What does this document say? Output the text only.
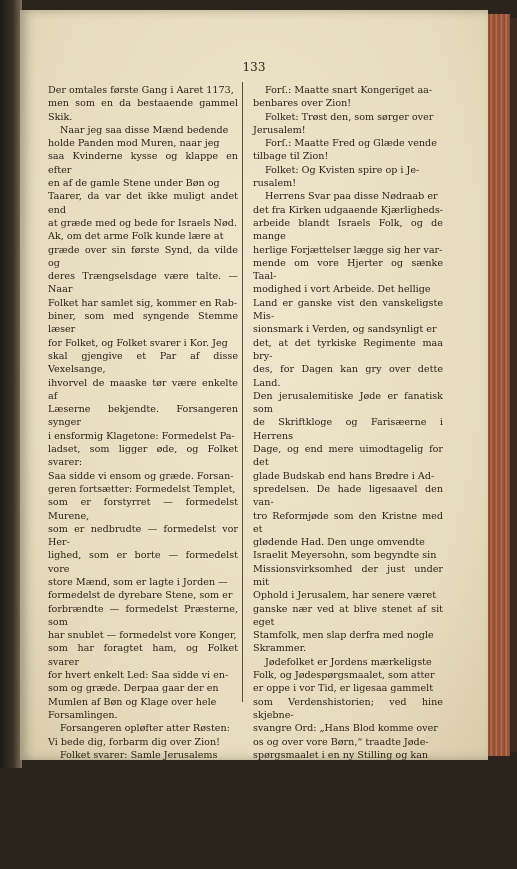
133

Der omtales første Gang i Aaret 1173,

men som en da bestaaende gammel Skik.

Naar jeg saa disse Mænd bedende

holde Panden mod Muren, naar jeg

saa Kvinderne kysse og klappe en efter

en af de gamle Stene under Bøn og

Taarer, da var det ikke muligt andet end

at græde med og bede for Israels Nød.

Ak, om det arme Folk kunde lære at

græde over sin første Synd, da vilde og

deres Trængselsdage være talte. — Naar

Folket har samlet sig, kommer en Rab-

biner, som med syngende Stemme læser

for Folket, og Folket svarer i Kor. Jeg

skal gjengive et Par af disse Vexelsange,

ihvorvel de maaske tør være enkelte af

Læserne bekjendte. Forsangeren synger

i ensformig Klagetone: Formedelst Pa-

ladset, som ligger øde, og Folket svarer:

Saa sidde vi ensom og græde. Forsan-

geren fortsætter: Formedelst Templet,

som er forstyrret — formedelst Murene,

som er nedbrudte — formedelst vor Her-

lighed, som er borte — formedelst vore

store Mænd, som er lagte i Jorden —

formedelst de dyrebare Stene, som er

forbrændte — formedelst Præsterne, som

har snublet — formedelst vore Konger,

som har foragtet ham, og Folket svarer

for hvert enkelt Led: Saa sidde vi en-

som og græde. Derpaa gaar der en

Mumlen af Bøn og Klage over hele

Forsamlingen.

Forsangeren opløfter atter Røsten:

Vi bede dig, forbarm dig over Zion!

Folket svarer: Samle Jerusalems

Børn!

Forsangeren: Skynd dig, Skynd dig,

Zions Frelser!

Folket: Tal til Jerusalems Hjerte!

Forſ.: Gid Skjønhed og Herlighed

omgive Zion!

Folket: Ak, vend dig naadig til Je-

rusalem!

Forſ.: Maatte snart Kongeriget aa-

benbares over Zion!

Folket: Trøst den, som sørger over

Jerusalem!

Forſ.: Maatte Fred og Glæde vende

tilbage til Zion!

Folket: Og Kvisten spire op i Je-

rusalem!

Herrens Svar paa disse Nødraab er

det fra Kirken udgaaende Kjærligheds-

arbeide blandt Israels Folk, og de mange

herlige Forjættelser lægge sig her var-

mende om vore Hjerter og sænke Taal-

modighed i vort Arbeide. Det hellige

Land er ganske vist den vanskeligste Mis-

sionsmark i Verden, og sandsynligt er

det, at det tyrkiske Regimente maa bry-

des, for Dagen kan gry over dette Land.

Den jerusalemitiske Jøde er fanatisk som

de Skriftkloge og Farisæerne i Herrens

Dage, og end mere uimodtagelig for det

glade Budskab end hans Brødre i Ad-

spredelsen. De hade ligesaavel den van-

tro Reformjøde som den Kristne med et

glødende Had. Den unge omvendte

Israelit Meyersohn, som begyndte sin

Missionsvirksomhed der just under mit

Ophold i Jerusalem, har senere været

ganske nær ved at blive stenet af sit eget

Stamfolk, men slap derfra med nogle

Skrammer.

Jødefolket er Jordens mærkeligste

Folk, og Jødespørgsmaalet, som atter

er oppe i vor Tid, er ligesaa gammelt

som Verdenshistorien; ved hine skjebne-

svangre Ord: „Hans Blod komme over

os og over vore Børn,“ traadte Jøde-

spørgsmaalet i en ny Stilling og kan

ikke med nogensomhelst borgerlig Lov

eller Foranstaltning finde sin fulde Løs-

ning. Dette ser først gjennem den kri-

stelige Kjærligheds stille, taalmodige Ar-

beide, naar Guds Domme er gaaede

tilende. Saa dæmrer da ogsaa over
